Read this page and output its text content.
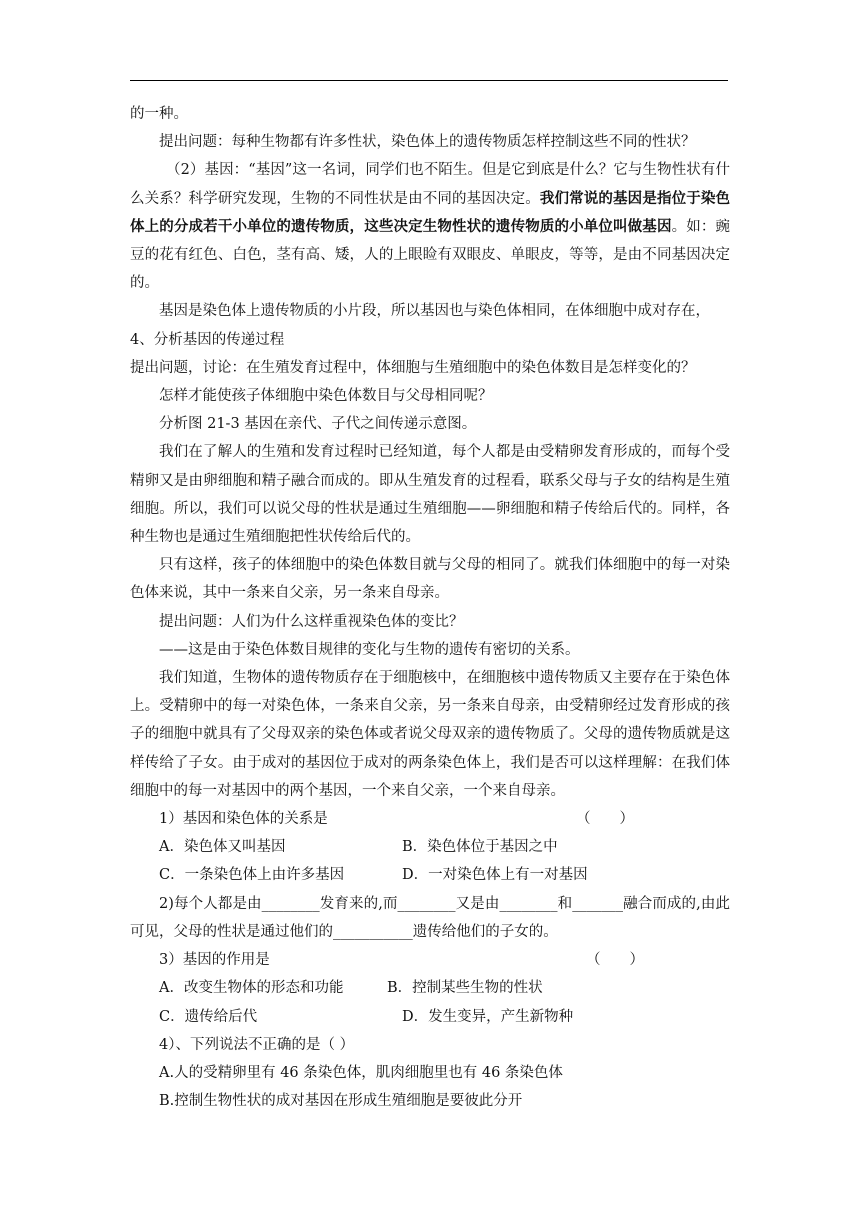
的一种。

提出问题：每种生物都有许多性状，染色体上的遗传物质怎样控制这些不同的性状？

（2）基因：“基因”这一名词，同学们也不陌生。但是它到底是什么？它与生物性状有什么关系？科学研究发现，生物的不同性状是由不同的基因决定。我们常说的基因是指位于染色体上的分成若干小单位的遗传物质，这些决定生物性状的遗传物质的小单位叫做基因。如：豌豆的花有红色、白色，茎有高、矮，人的上眼睑有双眼皮、单眼皮，等等，是由不同基因决定的。

基因是染色体上遗传物质的小片段，所以基因也与染色体相同，在体细胞中成对存在，

4、分析基因的传递过程

提出问题，讨论：在生殖发育过程中，体细胞与生殖细胞中的染色体数目是怎样变化的？

怎样才能使孩子体细胞中染色体数目与父母相同呢？

分析图 21-3 基因在亲代、子代之间传递示意图。

我们在了解人的生殖和发育过程时已经知道，每个人都是由受精卵发育形成的，而每个受精卵又是由卵细胞和精子融合而成的。即从生殖发育的过程看，联系父母与子女的结构是生殖细胞。所以，我们可以说父母的性状是通过生殖细胞——卵细胞和精子传给后代的。同样，各种生物也是通过生殖细胞把性状传给后代的。

只有这样，孩子的体细胞中的染色体数目就与父母的相同了。就我们体细胞中的每一对染色体来说，其中一条来自父亲，另一条来自母亲。

提出问题：人们为什么这样重视染色体的变比？

——这是由于染色体数目规律的变化与生物的遗传有密切的关系。

我们知道，生物体的遗传物质存在于细胞核中，在细胞核中遗传物质又主要存在于染色体上。受精卵中的每一对染色体，一条来自父亲，另一条来自母亲，由受精卵经过发育形成的孩子的细胞中就具有了父母双亲的染色体或者说父母双亲的遗传物质了。父母的遗传物质就是这样传给了子女。由于成对的基因位于成对的两条染色体上，我们是否可以这样理解：在我们体细胞中的每一对基因中的两个基因，一个来自父亲，一个来自母亲。

1）基因和染色体的关系是	（　　）
A．染色体又叫基因	B．染色体位于基因之中
C．一条染色体上由许多基因	D．一对染色体上有一对基因

2)每个人都是由________发育来的,而________又是由________和_______融合而成的,由此可见，父母的性状是通过他们的___________遗传给他们的子女的。

3）基因的作用是	（　　）
A．改变生物体的形态和功能	B．控制某些生物的性状
C．遗传给后代	D．发生变异，产生新物种

4）、下列说法不正确的是（ ）

A.人的受精卵里有 46 条染色体，肌肉细胞里也有 46 条染色体

B.控制生物性状的成对基因在形成生殖细胞是要彼此分开
